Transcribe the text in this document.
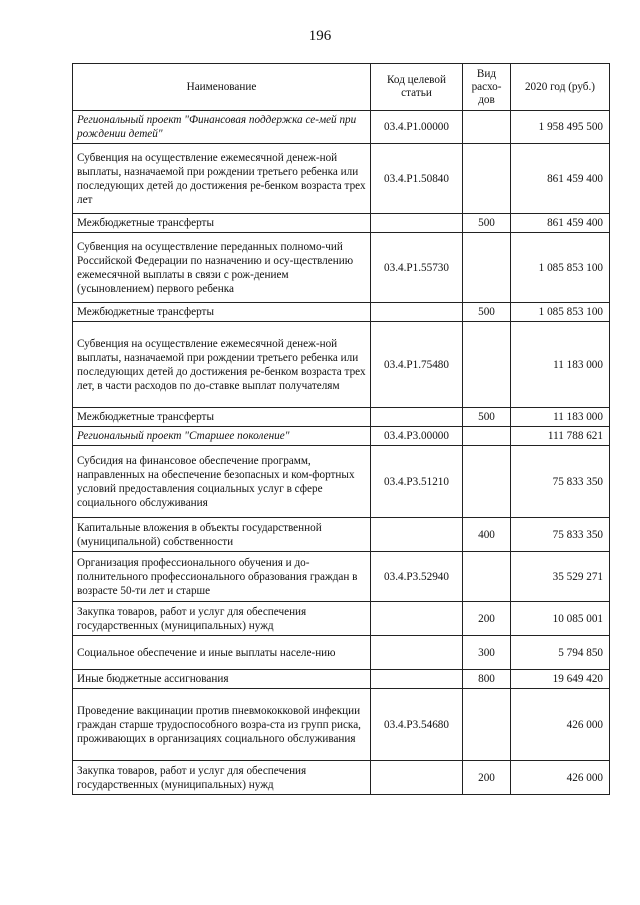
196
Наименование	Код целевой статьи	Вид расхо-дов	2020 год (руб.)
Региональный проект "Финансовая поддержка се-мей при рождении детей"	03.4.P1.00000		1 958 495 500
Субвенция на осуществление ежемесячной денеж-ной выплаты, назначаемой при рождении третьего ребенка или последующих детей до достижения ре-бенком возраста трех лет	03.4.P1.50840		861 459 400
Межбюджетные трансферты		500	861 459 400
Субвенция на осуществление переданных полномо-чий Российской Федерации по назначению и осу-ществлению ежемесячной выплаты в связи с рож-дением (усыновлением) первого ребенка	03.4.P1.55730		1 085 853 100
Межбюджетные трансферты		500	1 085 853 100
Субвенция на осуществление ежемесячной денеж-ной выплаты, назначаемой при рождении третьего ребенка или последующих детей до достижения ре-бенком возраста трех лет, в части расходов по до-ставке выплат получателям	03.4.P1.75480		11 183 000
Межбюджетные трансферты		500	11 183 000
Региональный проект "Старшее поколение"	03.4.P3.00000		111 788 621
Субсидия на финансовое обеспечение программ, направленных на обеспечение безопасных и ком-фортных условий предоставления социальных услуг в сфере социального обслуживания	03.4.P3.51210		75 833 350
Капитальные вложения в объекты государственной (муниципальной) собственности		400	75 833 350
Организация профессионального обучения и до-полнительного профессионального образования граждан в возрасте 50-ти лет и старше	03.4.P3.52940		35 529 271
Закупка товаров, работ и услуг для обеспечения государственных (муниципальных) нужд		200	10 085 001
Социальное обеспечение и иные выплаты населе-нию		300	5 794 850
Иные бюджетные ассигнования		800	19 649 420
Проведение вакцинации против пневмококковой инфекции граждан старше трудоспособного возра-ста из групп риска, проживающих в организациях социального обслуживания	03.4.P3.54680		426 000
Закупка товаров, работ и услуг для обеспечения государственных (муниципальных) нужд		200	426 000
